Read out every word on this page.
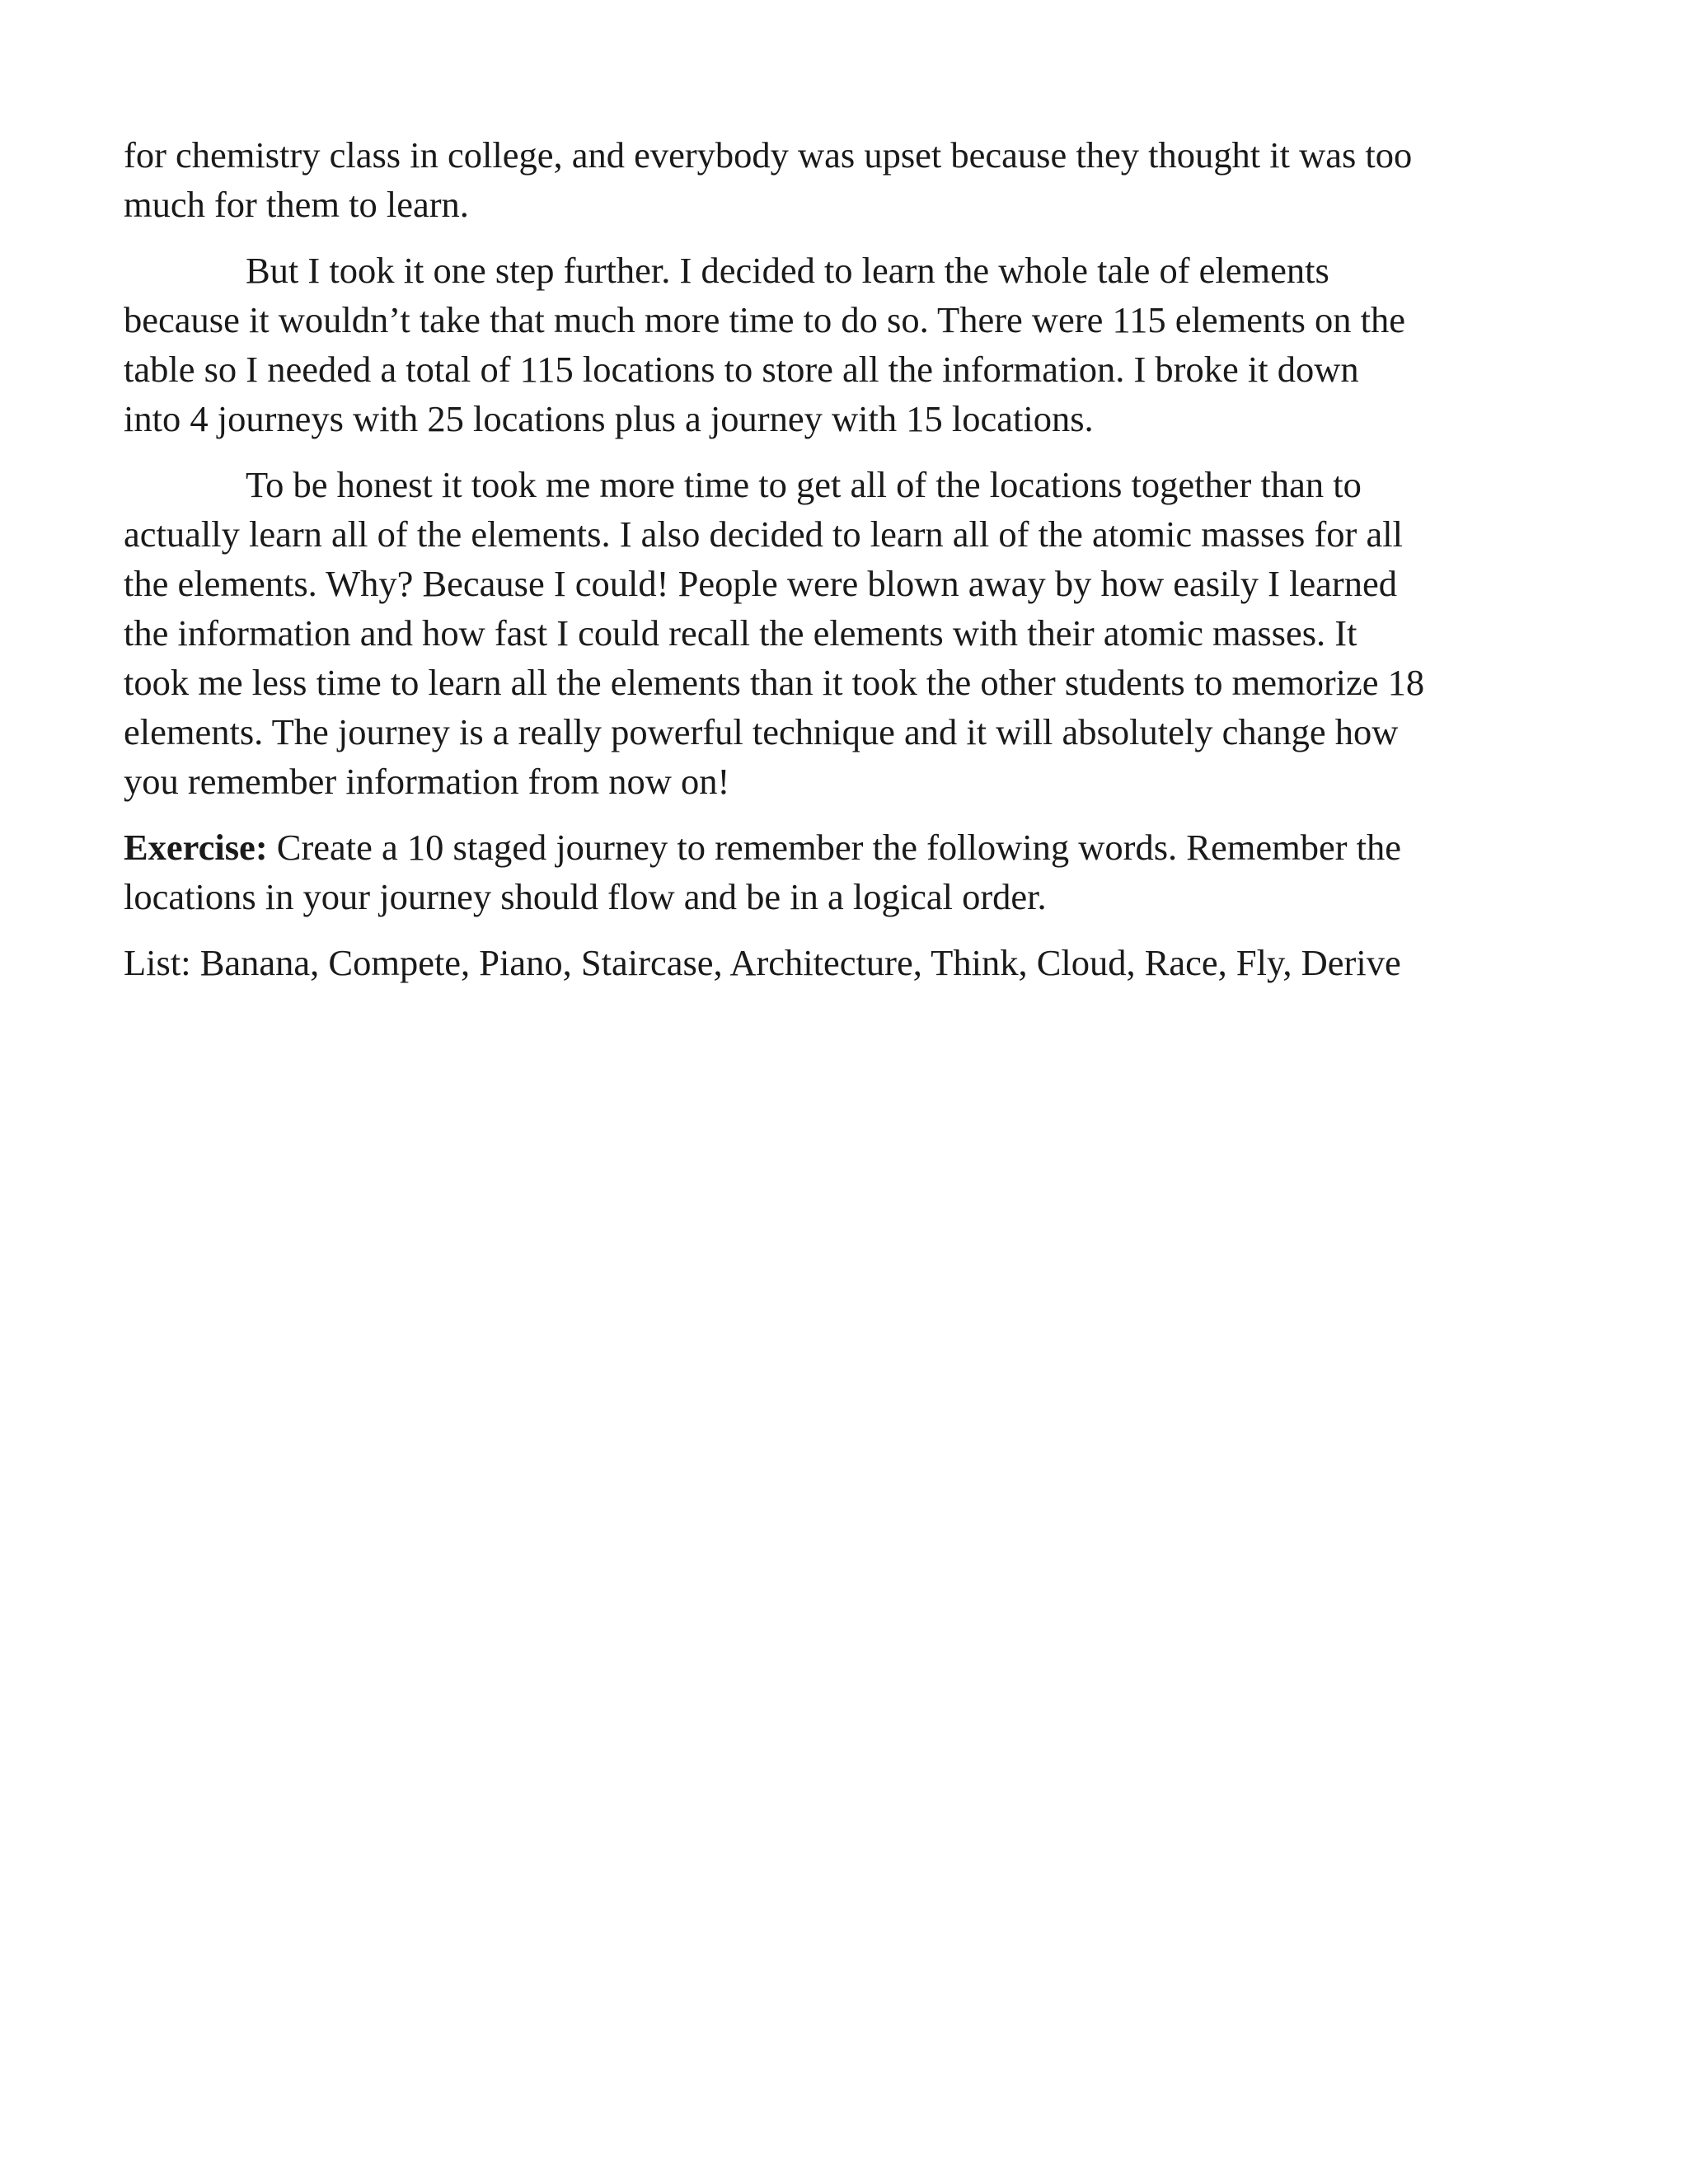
for chemistry class in college, and everybody was upset because they thought it was too
much for them to learn.
But I took it one step further. I decided to learn the whole tale of elements
because it wouldn’t take that much more time to do so. There were 115 elements on the
table so I needed a total of 115 locations to store all the information. I broke it down
into 4 journeys with 25 locations plus a journey with 15 locations.
To be honest it took me more time to get all of the locations together than to
actually learn all of the elements. I also decided to learn all of the atomic masses for all
the elements. Why? Because I could! People were blown away by how easily I learned
the information and how fast I could recall the elements with their atomic masses. It
took me less time to learn all the elements than it took the other students to memorize 18
elements. The journey is a really powerful technique and it will absolutely change how
you remember information from now on!
Exercise: Create a 10 staged journey to remember the following words. Remember the
locations in your journey should flow and be in a logical order.
List: Banana, Compete, Piano, Staircase, Architecture, Think, Cloud, Race, Fly, Derive
